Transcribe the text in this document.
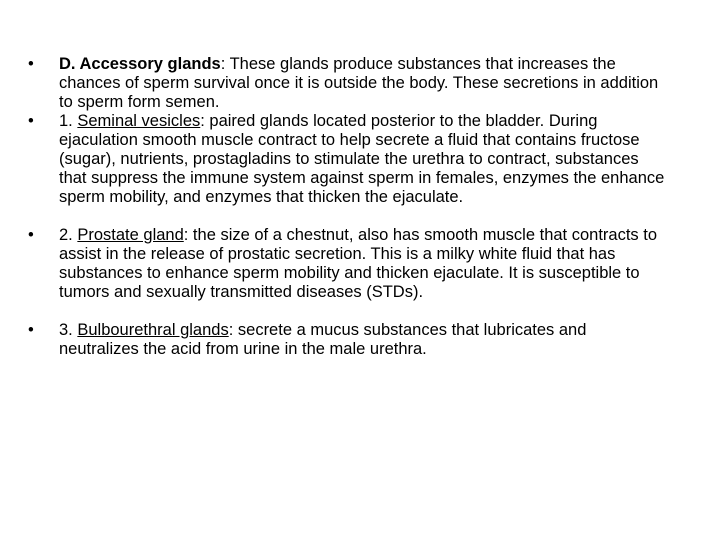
•	D. Accessory glands: These glands produce substances that increases the chances of sperm survival once it is outside the body. These secretions in addition to sperm form semen.
•	1. Seminal vesicles: paired glands located posterior to the bladder. During ejaculation smooth muscle contract to help secrete a fluid that contains fructose (sugar), nutrients, prostagladins to stimulate the urethra to contract, substances that suppress the immune system against sperm in females, enzymes the enhance sperm mobility, and enzymes that thicken the ejaculate.
•	2. Prostate gland: the size of a chestnut, also has smooth muscle that contracts to assist in the release of prostatic secretion. This is a milky white fluid that has substances to enhance sperm mobility and thicken ejaculate. It is susceptible to tumors and sexually transmitted diseases (STDs).
•	3. Bulbourethral glands: secrete a mucus substances that lubricates and neutralizes the acid from urine in the male urethra.
